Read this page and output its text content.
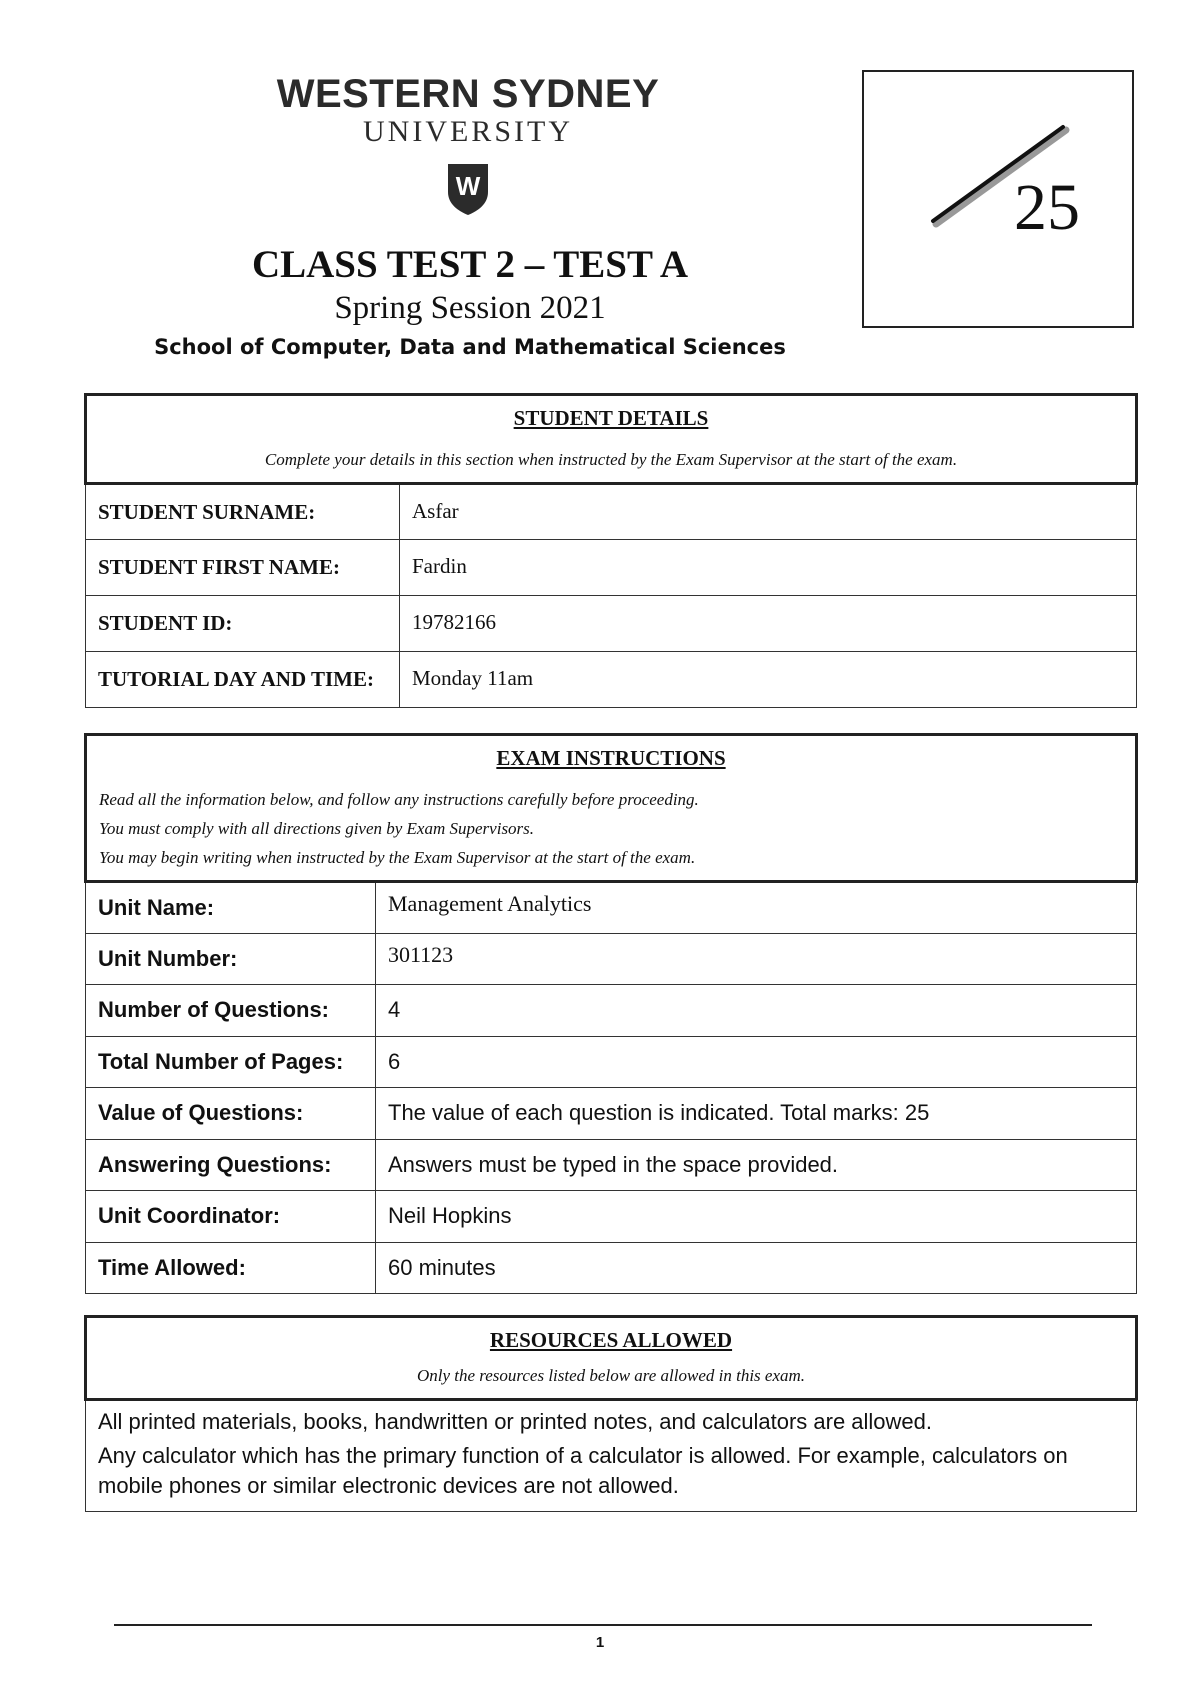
WESTERN SYDNEY
UNIVERSITY
W
CLASS TEST 2 – TEST A
Spring Session 2021
School of Computer, Data and Mathematical Sciences
25
STUDENT DETAILS
Complete your details in this section when instructed by the Exam Supervisor at the start of the exam.	

STUDENT SURNAME:	Asfar
STUDENT FIRST NAME:	Fardin
STUDENT ID:	19782166
TUTORIAL DAY AND TIME:	Monday 11am
EXAM INSTRUCTIONS
Read all the information below, and follow any instructions carefully before proceeding.
You must comply with all directions given by Exam Supervisors.
You may begin writing when instructed by the Exam Supervisor at the start of the exam.	

Unit Name:	Management Analytics
Unit Number:	301123
Number of Questions:	4
Total Number of Pages:	6
Value of Questions:	The value of each question is indicated. Total marks: 25
Answering Questions:	Answers must be typed in the space provided.
Unit Coordinator:	Neil Hopkins
Time Allowed:	60 minutes
RESOURCES ALLOWED
Only the resources listed below are allowed in this exam.

All printed materials, books, handwritten or printed notes, and calculators are allowed.

Any calculator which has the primary function of a calculator is allowed. For example, calculators on mobile phones or similar electronic devices are not allowed.

1
